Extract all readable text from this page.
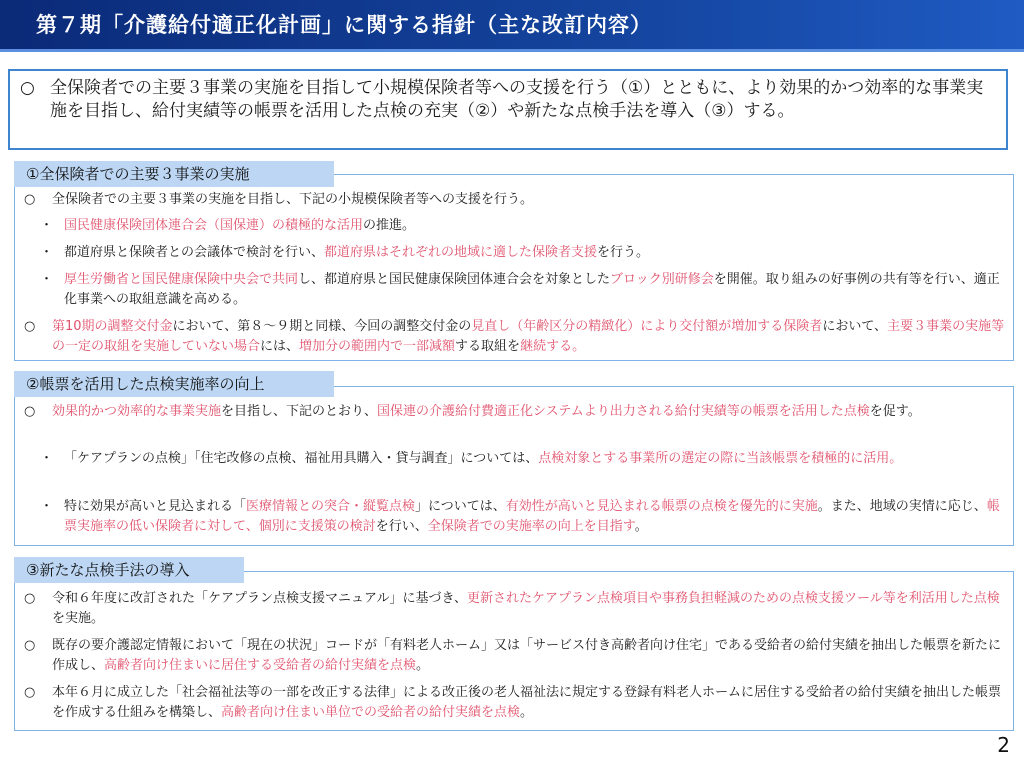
第７期「介護給付適正化計画」に関する指針（主な改訂内容）
○ 全保険者での主要３事業の実施を目指して小規模保険者等への支援を行う（①）とともに、より効果的かつ効率的な事業実施を目指し、給付実績等の帳票を活用した点検の充実（②）や新たな点検手法を導入（③）する。
①全保険者での主要３事業の実施
○	全保険者での主要３事業の実施を目指し、下記の小規模保険者等への支援を行う。
・ 国民健康保険団体連合会（国保連）の積極的な活用の推進。
・ 都道府県と保険者との会議体で検討を行い、都道府県はそれぞれの地域に適した保険者支援を行う。
・ 厚生労働省と国民健康保険中央会で共同し、都道府県と国民健康保険団体連合会を対象としたブロック別研修会を開催。取り組みの好事例の共有等を行い、適正化事業への取組意識を高める。
○	第10期の調整交付金において、第８～９期と同様、今回の調整交付金の見直し（年齢区分の精緻化）により交付額が増加する保険者において、主要３事業の実施等の一定の取組を実施していない場合には、増加分の範囲内で一部減額する取組を継続する。
②帳票を活用した点検実施率の向上
○	効果的かつ効率的な事業実施を目指し、下記のとおり、国保連の介護給付費適正化システムより出力される給付実績等の帳票を活用した点検を促す。
・ 「ケアプランの点検」「住宅改修の点検、福祉用具購入・貸与調査」については、点検対象とする事業所の選定の際に当該帳票を積極的に活用。
・ 特に効果が高いと見込まれる「医療情報との突合・縦覧点検」については、有効性が高いと見込まれる帳票の点検を優先的に実施。また、地域の実情に応じ、帳票実施率の低い保険者に対して、個別に支援策の検討を行い、全保険者での実施率の向上を目指す。
③新たな点検手法の導入
○	令和６年度に改訂された「ケアプラン点検支援マニュアル」に基づき、更新されたケアプラン点検項目や事務負担軽減のための点検支援ツール等を利活用した点検を実施。
○	既存の要介護認定情報において「現在の状況」コードが「有料老人ホーム」又は「サービス付き高齢者向け住宅」である受給者の給付実績を抽出した帳票を新たに作成し、高齢者向け住まいに居住する受給者の給付実績を点検。
○	本年６月に成立した「社会福祉法等の一部を改正する法律」による改正後の老人福祉法に規定する登録有料老人ホームに居住する受給者の給付実績を抽出した帳票を作成する仕組みを構築し、高齢者向け住まい単位での受給者の給付実績を点検。
2
